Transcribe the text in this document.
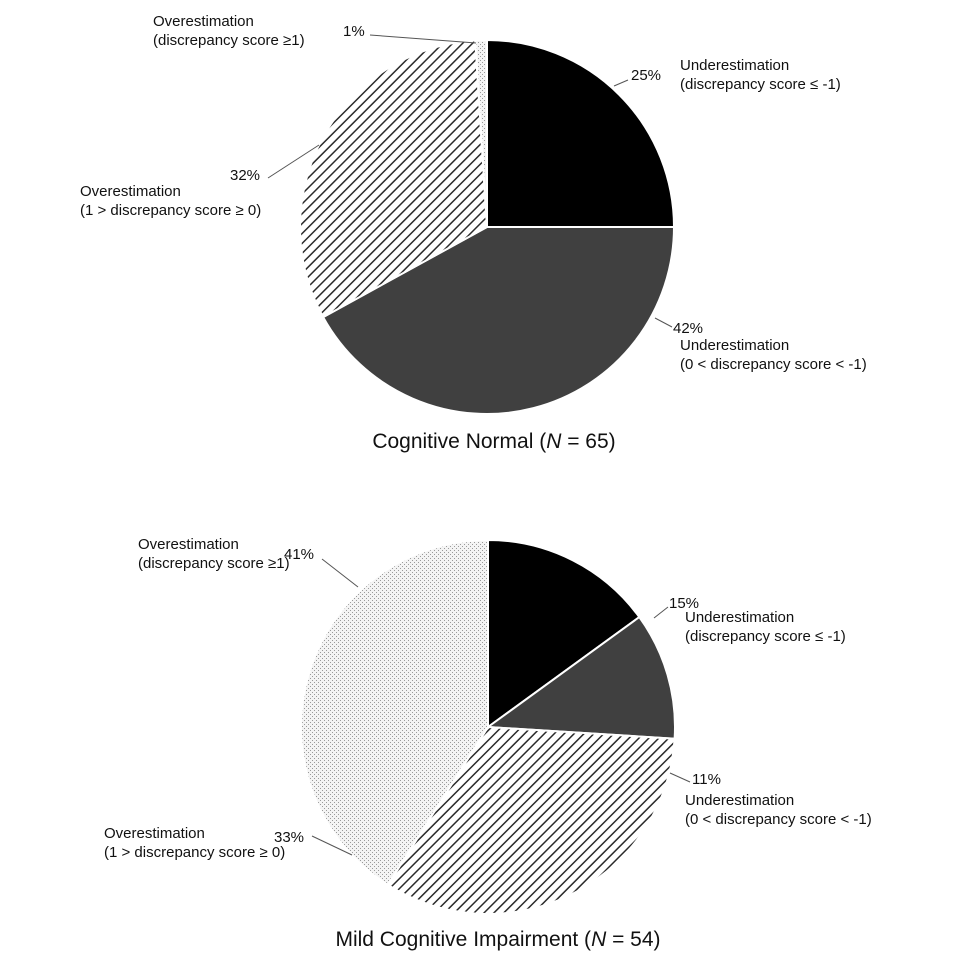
25%
Underestimation (discrepancy score ≤ -1)
42%
Underestimation (0 < discrepancy score < -1)
32%
Overestimation (1 > discrepancy score ≥ 0)
1%
Overestimation (discrepancy score ≥1)
Cognitive Normal (N = 65)
15%
Underestimation (discrepancy score ≤ -1)
11%
Underestimation (0 < discrepancy score < -1)
33%
Overestimation (1 > discrepancy score ≥ 0)
41%
Overestimation (discrepancy score ≥1)
Mild Cognitive Impairment (N = 54)
